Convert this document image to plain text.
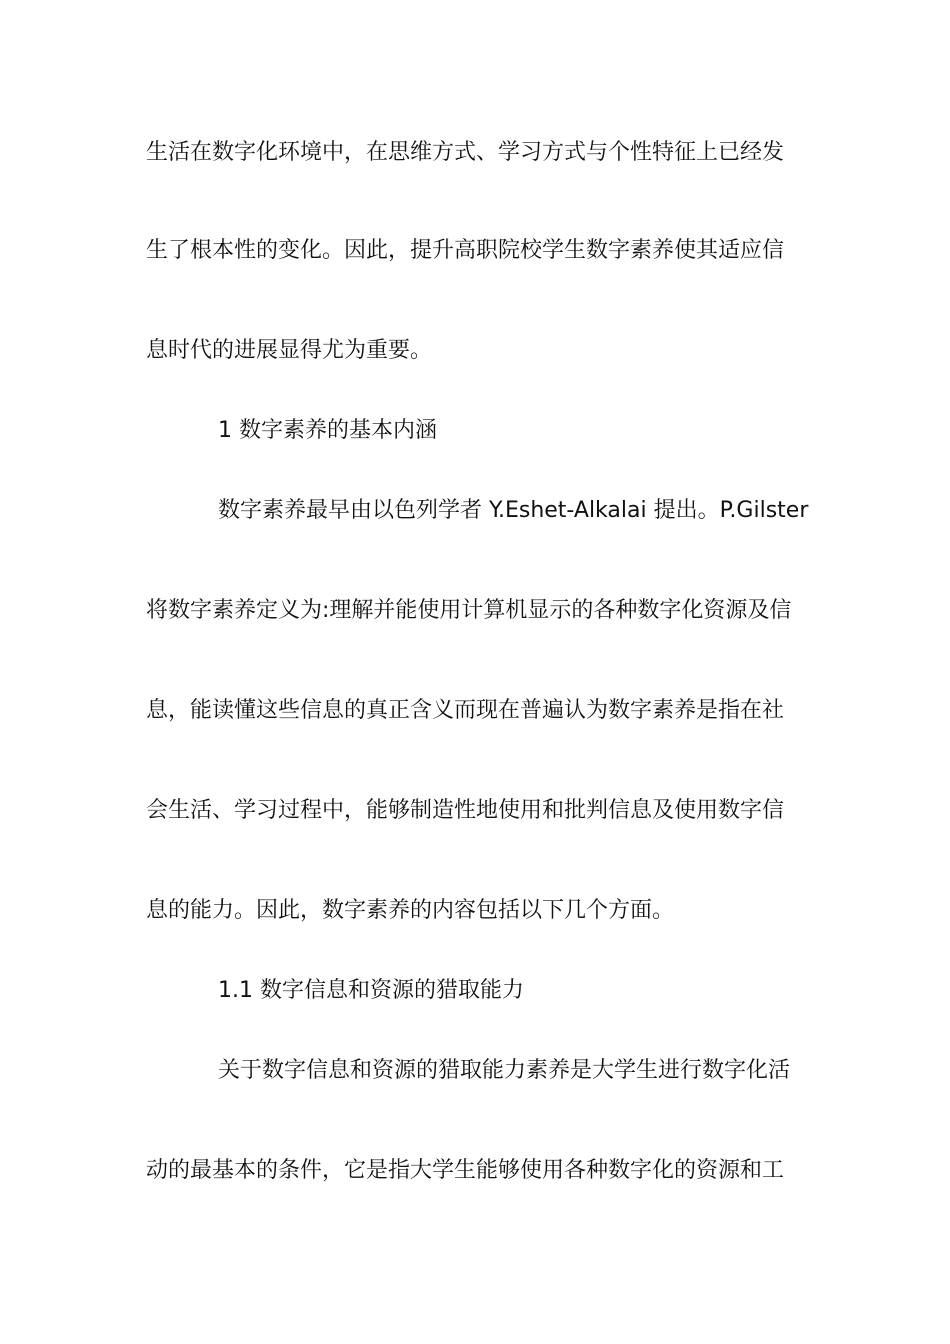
生活在数字化环境中，在思维方式、学习方式与个性特征上已经发
生了根本性的变化。因此，提升高职院校学生数字素养使其适应信
息时代的进展显得尤为重要。
1 数字素养的基本内涵
数字素养最早由以色列学者 Y.Eshet-Alkalai 提出。P.Gilster
将数字素养定义为:理解并能使用计算机显示的各种数字化资源及信
息，能读懂这些信息的真正含义而现在普遍认为数字素养是指在社
会生活、学习过程中，能够制造性地使用和批判信息及使用数字信
息的能力。因此，数字素养的内容包括以下几个方面。
1.1 数字信息和资源的猎取能力
关于数字信息和资源的猎取能力素养是大学生进行数字化活
动的最基本的条件，它是指大学生能够使用各种数字化的资源和工
